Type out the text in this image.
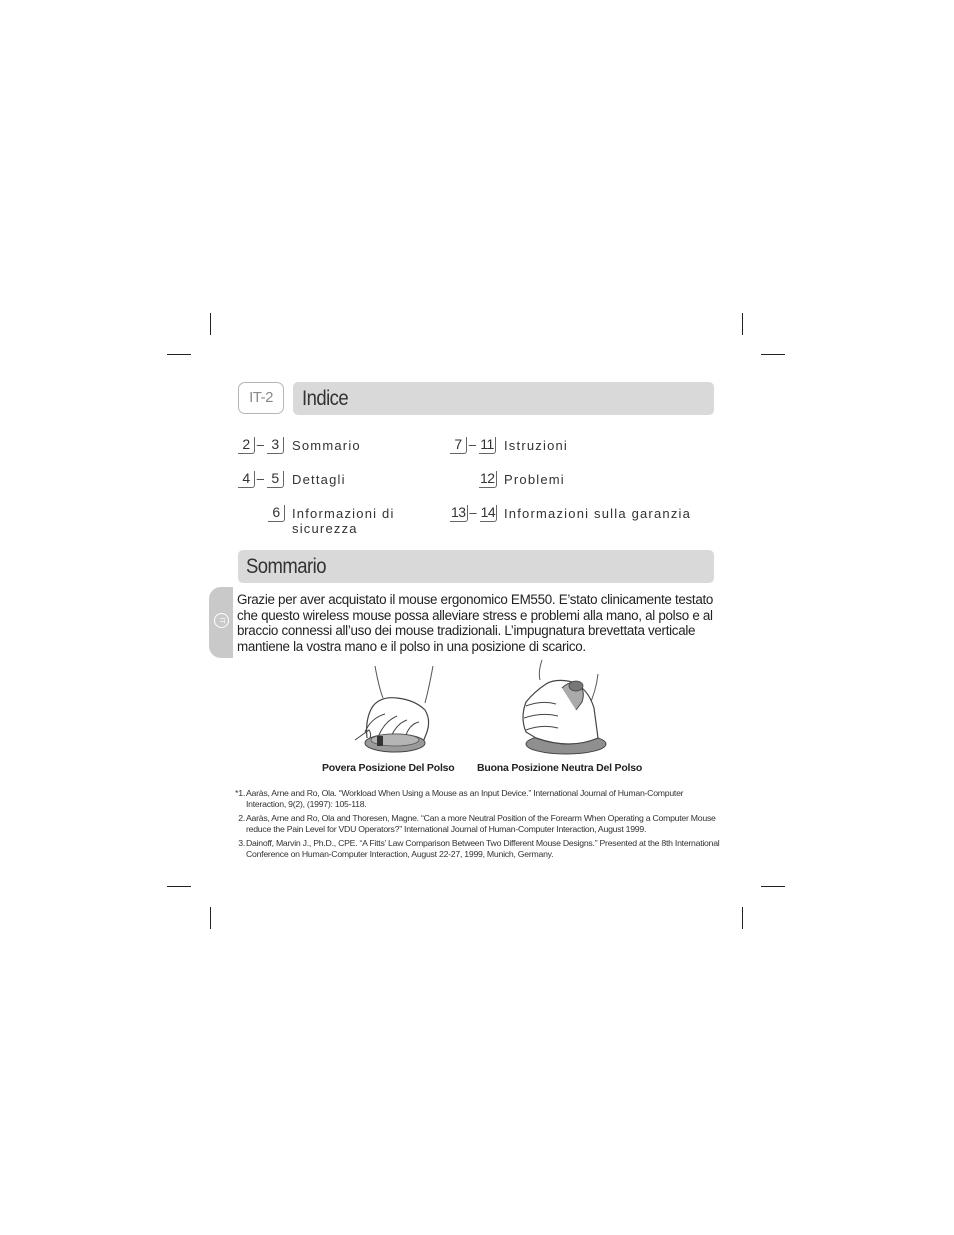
IT-2	Indice
2 – 3	Sommario
4 – 5	Dettagli
6 Informazioni di sicurezza
7 – 11 Istruzioni
12 Problemi
13 – 14 Informazioni sulla garanzia
Sommario
IT

Grazie per aver acquistato il mouse ergonomico EM550. E’stato clinicamente testato che questo wireless mouse possa alleviare stress e problemi alla mano, al polso e al braccio connessi all’uso dei mouse tradizionali. L’impugnatura brevettata verticale mantiene la vostra mano e il polso in una posizione di scarico.

Povera Posizione Del Polso Buona Posizione Neutra Del Polso
*1. Aaràs, Arne and Ro, Ola. “Workload When Using a Mouse as an Input Device.” International Journal of Human-Computer Interaction, 9(2), (1997): 105-118.
2. Aaràs, Arne and Ro, Ola and Thoresen, Magne. “Can a more Neutral Position of the Forearm When Operating a Computer Mouse reduce the Pain Level for VDU Operators?” International Journal of Human-Computer Interaction, August 1999.
3. Dainoff, Marvin J., Ph.D., CPE. “A Fitts’ Law Comparison Between Two Different Mouse Designs.” Presented at the 8th International Conference on Human-Computer Interaction, August 22-27, 1999, Munich, Germany.
